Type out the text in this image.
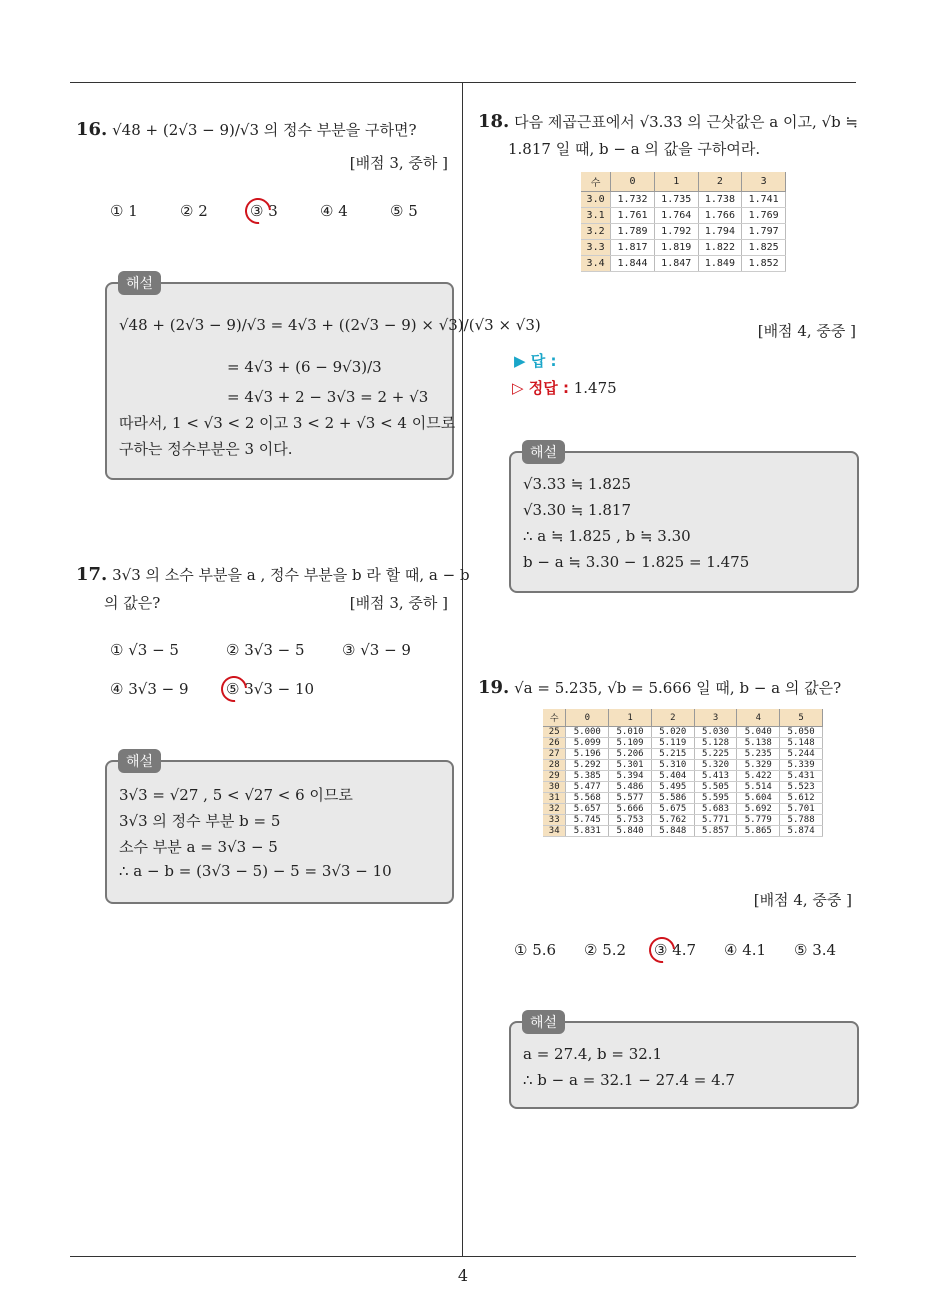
16. √48 + (2√3 − 9)/√3 의 정수 부분을 구하면?
[배점 3, 중하 ]
① 1	② 2	③ 3	④ 4	⑤ 5
√48 + (2√3 − 9)/√3 = 4√3 + ((2√3 − 9) × √3)/(√3 × √3)
= 4√3 + (6 − 9√3)/3
= 4√3 + 2 − 3√3 = 2 + √3
따라서, 1 < √3 < 2 이고 3 < 2 + √3 < 4 이므로
구하는 정수부분은 3 이다.
해설
17. 3√3 의 소수 부분을 a , 정수 부분을 b 라 할 때, a − b
의 값은?	[배점 3, 중하 ]
① √3 − 5	② 3√3 − 5 ③ √3 − 9
④ 3√3 − 9 ⑤ 3√3 − 10
3√3 = √27 , 5 < √27 < 6 이므로
3√3 의 정수 부분 b = 5
소수 부분 a = 3√3 − 5
∴ a − b = (3√3 − 5) − 5 = 3√3 − 10
해설
18. 다음 제곱근표에서 √3.33 의 근삿값은 a 이고, √b ≒
1.817 일 때, b − a 의 값을 구하여라.
수	0	1	2	3
3.0	1.732	1.735	1.738	1.741
3.1	1.761	1.764	1.766	1.769
3.2	1.789	1.792	1.794	1.797
3.3	1.817	1.819	1.822	1.825
3.4	1.844	1.847	1.849	1.852
[배점 4, 중중 ]
▶ 답 :
▷ 정답 : 1.475
√3.33 ≒ 1.825
√3.30 ≒ 1.817
∴ a ≒ 1.825 , b ≒ 3.30
b − a ≒ 3.30 − 1.825 = 1.475
해설
19. √a = 5.235, √b = 5.666 일 때, b − a 의 값은?
수	0	1	2	3	4	5
25	5.000	5.010	5.020	5.030	5.040	5.050
26	5.099	5.109	5.119	5.128	5.138	5.148
27	5.196	5.206	5.215	5.225	5.235	5.244
28	5.292	5.301	5.310	5.320	5.329	5.339
29	5.385	5.394	5.404	5.413	5.422	5.431
30	5.477	5.486	5.495	5.505	5.514	5.523
31	5.568	5.577	5.586	5.595	5.604	5.612
32	5.657	5.666	5.675	5.683	5.692	5.701
33	5.745	5.753	5.762	5.771	5.779	5.788
34	5.831	5.840	5.848	5.857	5.865	5.874
[배점 4, 중중 ]
① 5.6 ② 5.2 ③ 4.7 ④ 4.1 ⑤ 3.4
a = 27.4, b = 32.1
∴ b − a = 32.1 − 27.4 = 4.7
해설
4
